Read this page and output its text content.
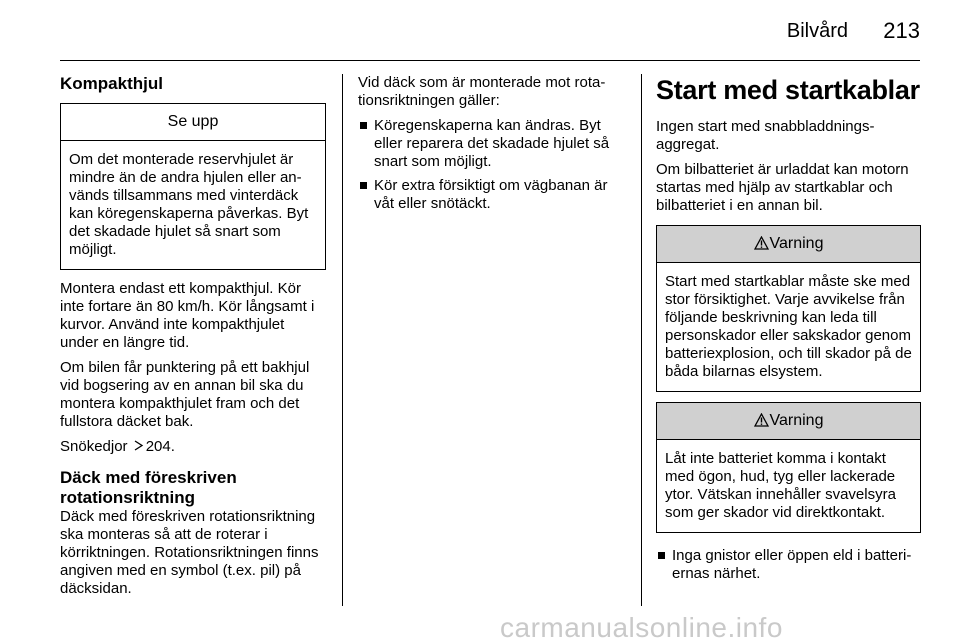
Bilvård 213
Kompakthjul
Se upp
Om det monterade reservhjulet är mindre än de andra hjulen eller används tillsammans med vinterdäck kan köregenskaperna påverkas. Byt det skadade hjulet så snart som möjligt.

Montera endast ett kompakthjul. Kör inte fortare än 80 km/h. Kör långsamt i kurvor. Använd inte kompakthjulet under en längre tid.

Om bilen får punktering på ett bakhjul vid bogsering av en annan bil ska du montera kompakthjulet fram och det fullstora däcket bak.

Snökedjor 204.

Däck med föreskriven rotationsriktning

Däck med föreskriven rotationsriktning ska monteras så att de roterar i körriktningen. Rotationsriktningen finns angiven med en symbol (t.ex. pil) på däcksidan.

Vid däck som är monterade mot rotationsriktningen gäller:

Köregenskaperna kan ändras. Byt eller reparera det skadade hjulet så snart som möjligt.
Kör extra försiktigt om vägbanan är våt eller snötäckt.
Start med startkablar

Ingen start med snabbladdningsaggregat.

Om bilbatteriet är urladdat kan motorn startas med hjälp av startkablar och bilbatteriet i en annan bil.

Varning
Start med startkablar måste ske med stor försiktighet. Varje avvikelse från följande beskrivning kan leda till personskador eller sakskador genom batteriexplosion, och till skador på de båda bilarnas elsystem.
Varning
Låt inte batteriet komma i kontakt med ögon, hud, tyg eller lackerade ytor. Vätskan innehåller svavelsyra som ger skador vid direktkontakt.
Inga gnistor eller öppen eld i batteriernas närhet.
carmanualsonline.info
